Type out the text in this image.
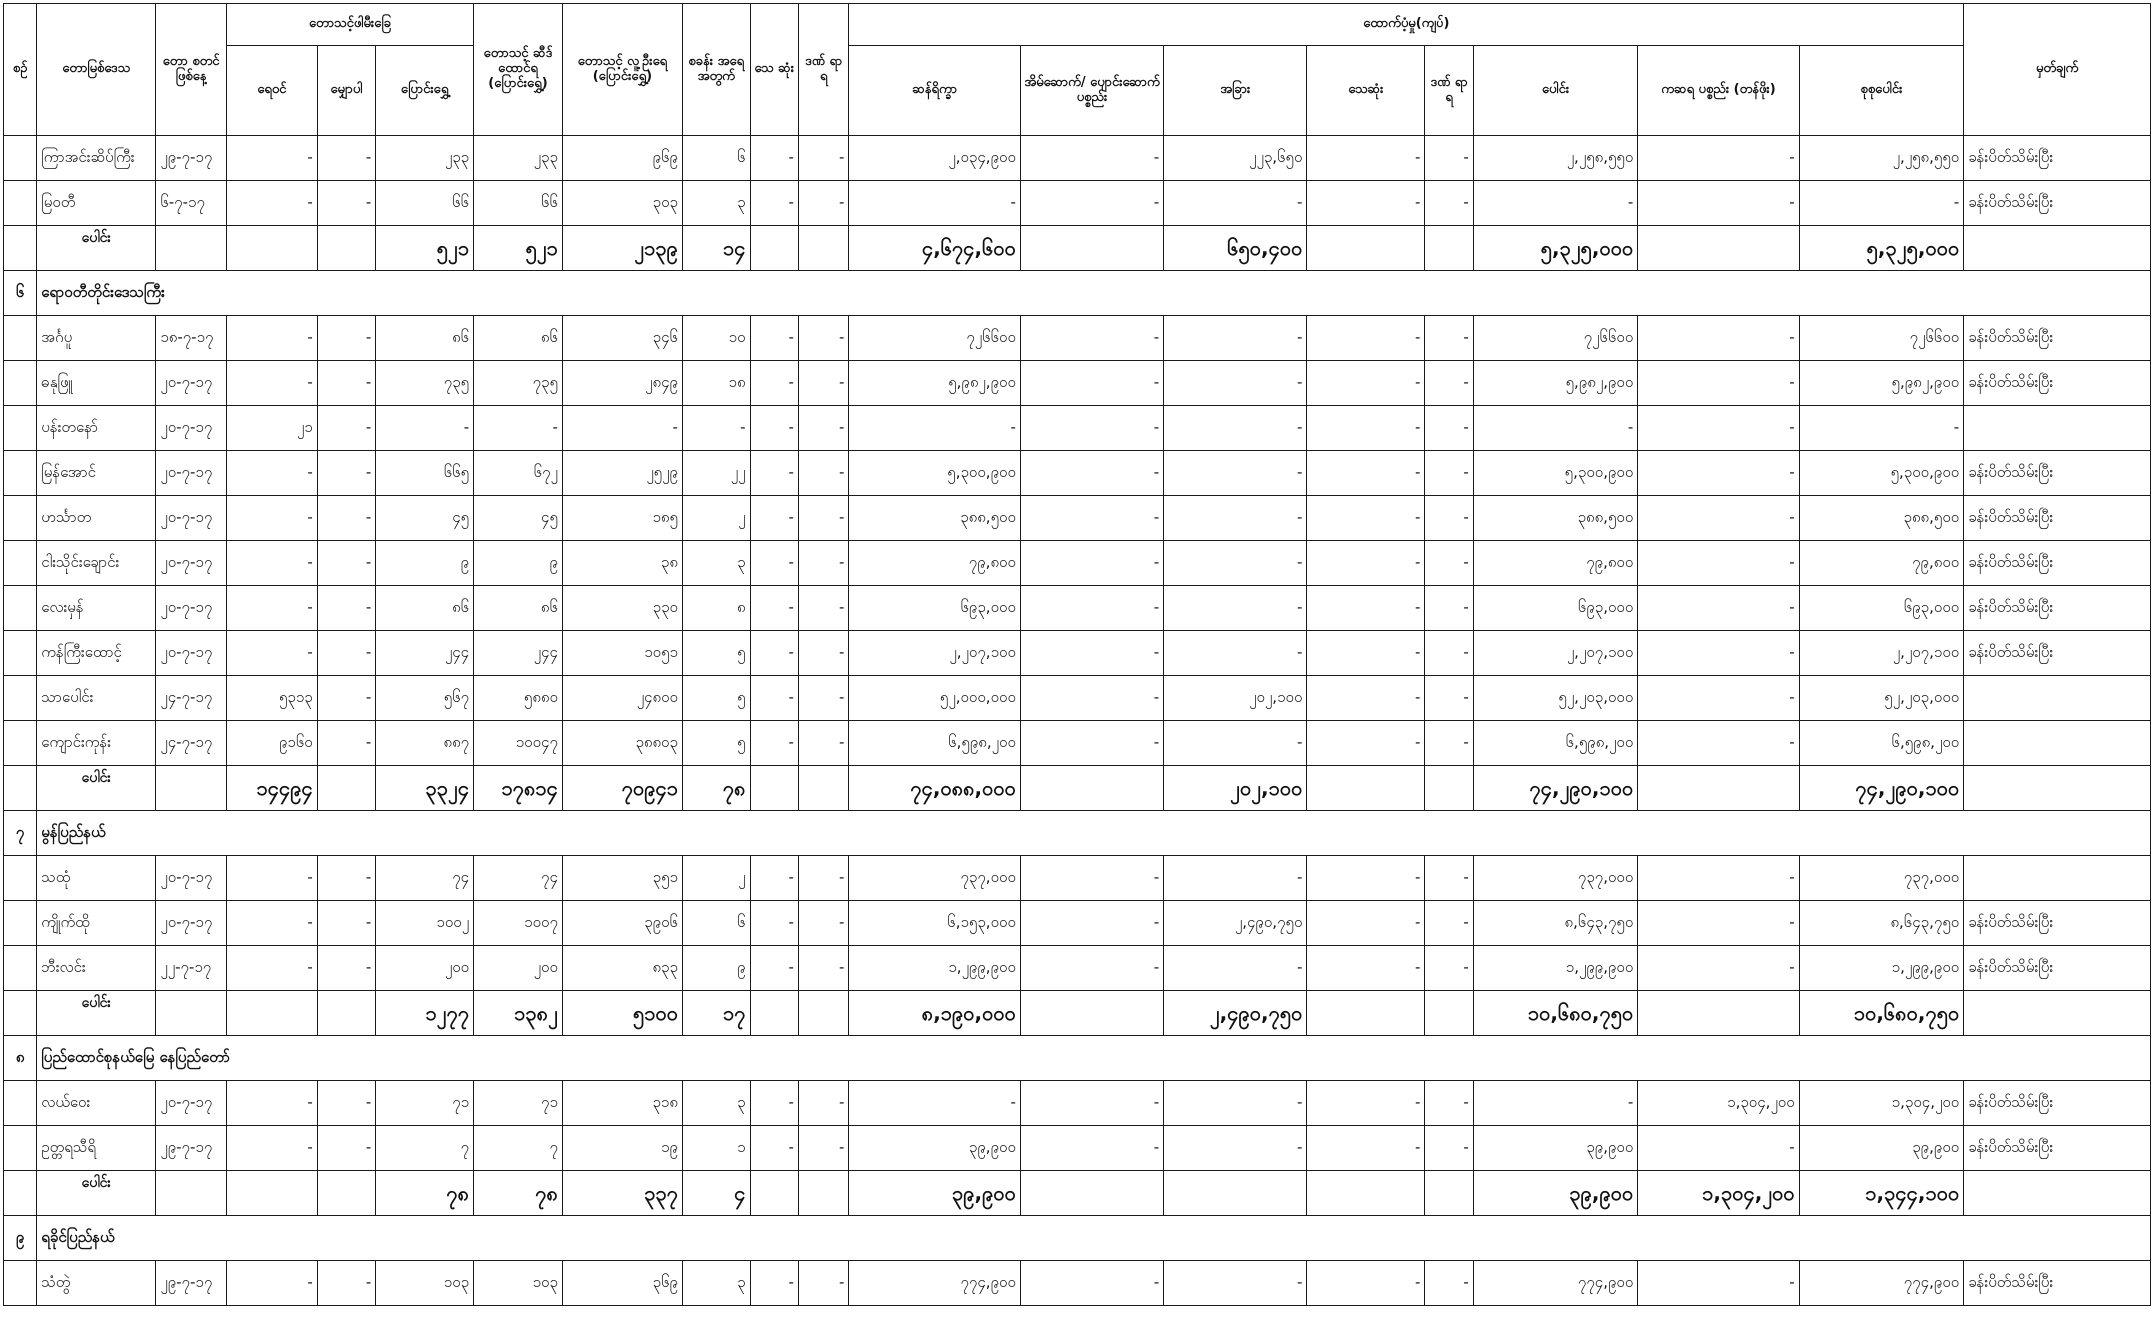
စဉ်	တောမြစ်ဒေသ	တော စတင် ဖြစ်နေ့	တောသင့်ဖါမီးခြေ			တောသင့် ဆီဒ် ထောင်ရ (ပြောင်းရွှေ့)	တောသင့် လူ့ဦးရေ (ပြောင်းရွှေ့)	စခန်း အရေ အတွက်	သေ ဆုံး	ဒဏ် ရာ ရ	ထောက်ပံ့မှု(ကျပ်)								မှတ်ချက်
			ရေဝင်	မျှောပါ	ပြောင်းရွှေ့						ဆန်ရိက္ခာ	အိမ်ဆောက်/ ပျောင်းဆောက် ပစ္စည်း	အခြား	သေဆုံး	ဒဏ် ရာ ရ	ပေါင်း	ကဆရ ပစ္စည်း (တန်ဖိုး)	စုစုပေါင်း	
	ကြာအင်းဆိပ်ကြီး	၂၉-၇-၁၇	-	-	၂၃၃	၂၃၃	၉၆၉	၆	-	-	၂,၀၃၄,၉၀၀	-	၂၂၃,၆၅၀	-	-	၂,၂၅၈,၅၅၀	-	၂,၂၅၈,၅၅၀	ခန်းပိတ်သိမ်းပြီး
	မြဝတီ	၆-၇-၁၇	-	-	၆၆	၆၆	၃၀၃	၃	-	-	-	-	-	-	-	-	-	-	ခန်းပိတ်သိမ်းပြီး
	ပေါင်း				၅၂၁	၅၂၁	၂၁၃၉	၁၄			၄,၆၇၄,၆၀၀		၆၅၀,၄၀၀			၅,၃၂၅,၀၀၀		၅,၃၂၅,၀၀၀	
၆	ရောဝတီတိုင်းဒေသကြီး																		
	အင်္ဂပူ	၁၈-၇-၁၇	-	-	၈၆	၈၆	၃၄၆	၁၀	-	-	၇၂၆၆၀၀	-	-	-	-	၇၂၆၆၀၀	-	၇၂၆၆၀၀	ခန်းပိတ်သိမ်းပြီး
	ဓနုဖြူ	၂၀-၇-၁၇	-	-	၇၃၅	၇၃၅	၂၈၄၉	၁၈	-	-	၅,၉၈၂,၉၀၀	-	-	-	-	၅,၉၈၂,၉၀၀	-	၅,၉၈၂,၉၀၀	ခန်းပိတ်သိမ်းပြီး
	ပန်းတနော်	၂၀-၇-၁၇	၂၁	-	-	-	-	-	-	-	-	-	-	-	-	-	-	-	
	မြန်အောင်	၂၀-၇-၁၇	-	-	၆၆၅	၆၇၂	၂၅၂၉	၂၂	-	-	၅,၃၀၀,၉၀၀	-	-	-	-	၅,၃၀၀,၉၀၀	-	၅,၃၀၀,၉၀၀	ခန်းပိတ်သိမ်းပြီး
	ဟင်္သာတ	၂၀-၇-၁၇	-	-	၄၅	၄၅	၁၈၅	၂	-	-	၃၈၈,၅၀၀	-	-	-	-	၃၈၈,၅၀၀	-	၃၈၈,၅၀၀	ခန်းပိတ်သိမ်းပြီး
	ငါးသိုင်းချောင်း	၂၀-၇-၁၇	-	-	၉	၉	၃၈	၃	-	-	၇၉,၈၀၀	-	-	-	-	၇၉,၈၀၀	-	၇၉,၈၀၀	ခန်းပိတ်သိမ်းပြီး
	လေးမှန်	၂၀-၇-၁၇	-	-	၈၆	၈၆	၃၃၀	၈	-	-	၆၉၃,၀၀၀	-	-	-	-	၆၉၃,၀၀၀	-	၆၉၃,၀၀၀	ခန်းပိတ်သိမ်းပြီး
	ကန်ကြီးထောင့်	၂၀-၇-၁၇	-	-	၂၄၄	၂၄၄	၁၀၅၁	၅	-	-	၂,၂၀၇,၁၀၀	-	-	-	-	၂,၂၀၇,၁၀၀	-	၂,၂၀၇,၁၀၀	ခန်းပိတ်သိမ်းပြီး
	သာပေါင်း	၂၄-၇-၁၇	၅၃၁၃	-	၅၆၇	၅၈၈၀	၂၄၈၀၀	၅	-	-	၅၂,၀၀၀,၀၀၀	-	၂၀၂,၁၀၀	-	-	၅၂,၂၀၃,၀၀၀	-	၅၂,၂၀၃,၀၀၀	
	ကျောင်းကုန်း	၂၄-၇-၁၇	၉၁၆၀	-	၈၈၇	၁၀၀၄၇	၃၈၈၀၃	၅	-	-	၆,၅၉၈,၂၀၀	-	-	-	-	၆,၅၉၈,၂၀၀	-	၆,၅၉၈,၂၀၀	
	ပေါင်း		၁၄၄၉၄		၃၃၂၄	၁၇၈၁၄	၇၀၉၄၁	၇၈			၇၄,၀၈၈,၀၀၀		၂၀၂,၁၀၀			၇၄,၂၉၀,၁၀၀		၇၄,၂၉၀,၁၀၀	
၇	မွန်ပြည်နယ်																		
	သထုံ	၂၀-၇-၁၇	-	-	၇၄	၇၄	၃၅၁	၂	-	-	၇၃၇,၀၀၀	-	-	-	-	၇၃၇,၀၀၀	-	၇၃၇,၀၀၀	
	ကျိုက်ထို	၂၀-၇-၁၇	-	-	၁၀၀၂	၁၀၀၇	၃၉၀၆	၆	-	-	၆,၁၅၃,၀၀၀	-	၂,၄၉၀,၇၅၀	-	-	၈,၆၄၃,၇၅၀	-	၈,၆၄၃,၇၅၀	ခန်းပိတ်သိမ်းပြီး
	ဘီးလင်း	၂၂-၇-၁၇	-	-	၂၀၀	၂၀၀	၈၃၃	၉	-	-	၁,၂၉၉,၉၀၀	-	-	-	-	၁,၂၉၉,၉၀၀	-	၁,၂၉၉,၉၀၀	ခန်းပိတ်သိမ်းပြီး
	ပေါင်း				၁၂၇၇	၁၃၈၂	၅၁၀၀	၁၇			၈,၁၉၀,၀၀၀		၂,၄၉၀,၇၅၀			၁၀,၆၈၀,၇၅၀		၁၀,၆၈၀,၇၅၀	
၈	ပြည်ထောင်စုနယ်မြေ နေပြည်တော်																		
	လယ်ဝေး	၂၀-၇-၁၇	-	-	၇၁	၇၁	၃၁၈	၃	-	-	-	-	-	-	-	-	၁,၃၀၄,၂၀၀	၁,၃၀၄,၂၀၀	ခန်းပိတ်သိမ်းပြီး
	ဥတ္တရသီရိ	၂၉-၇-၁၇	-	-	၇	၇	၁၉	၁	-	-	၃၉,၉၀၀	-	-	-	-	၃၉,၉၀၀	-	၃၉,၉၀၀	ခန်းပိတ်သိမ်းပြီး
	ပေါင်း				၇၈	၇၈	၃၃၇	၄			၃၉,၉၀၀					၃၉,၉၀၀	၁,၃၀၄,၂၀၀	၁,၃၄၄,၁၀၀	
၉	ရခိုင်ပြည်နယ်																		
	သံတွဲ	၂၉-၇-၁၇	-	-	၁၀၃	၁၀၃	၃၆၉	၃	-	-	၇၇၄,၉၀၀	-	-	-	-	၇၇၄,၉၀၀	-	၇၇၄,၉၀၀	ခန်းပိတ်သိမ်းပြီး
